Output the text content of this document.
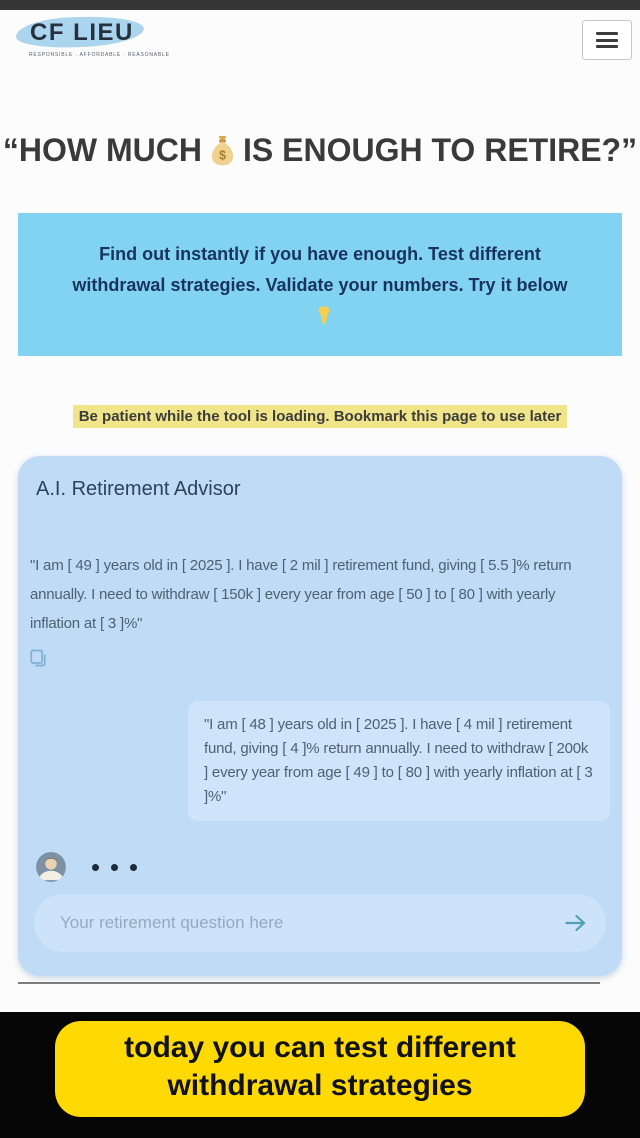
CF LIEU
RESPONSIBLE · AFFORDABLE · REASONABLE
“HOW MUCH $ IS ENOUGH TO RETIRE?”

Find out instantly if you have enough. Test different withdrawal strategies. Validate your numbers. Try it below

Be patient while the tool is loading. Bookmark this page to use later
A.I. Retirement Advisor

"I am [ 49 ] years old in [ 2025 ]. I have [ 2 mil ] retirement fund, giving [ 5.5 ]% return annually. I need to withdraw [ 150k ] every year from age [ 50 ] to [ 80 ] with yearly inflation at [ 3 ]%"

"I am [ 48 ] years old in [ 2025 ]. I have [ 4 mil ] retirement fund, giving [ 4 ]% return annually. I need to withdraw [ 200k ] every year from age [ 49 ] to [ 80 ] with yearly inflation at [ 3 ]%"

Your retirement question here
today you can test different withdrawal strategies
